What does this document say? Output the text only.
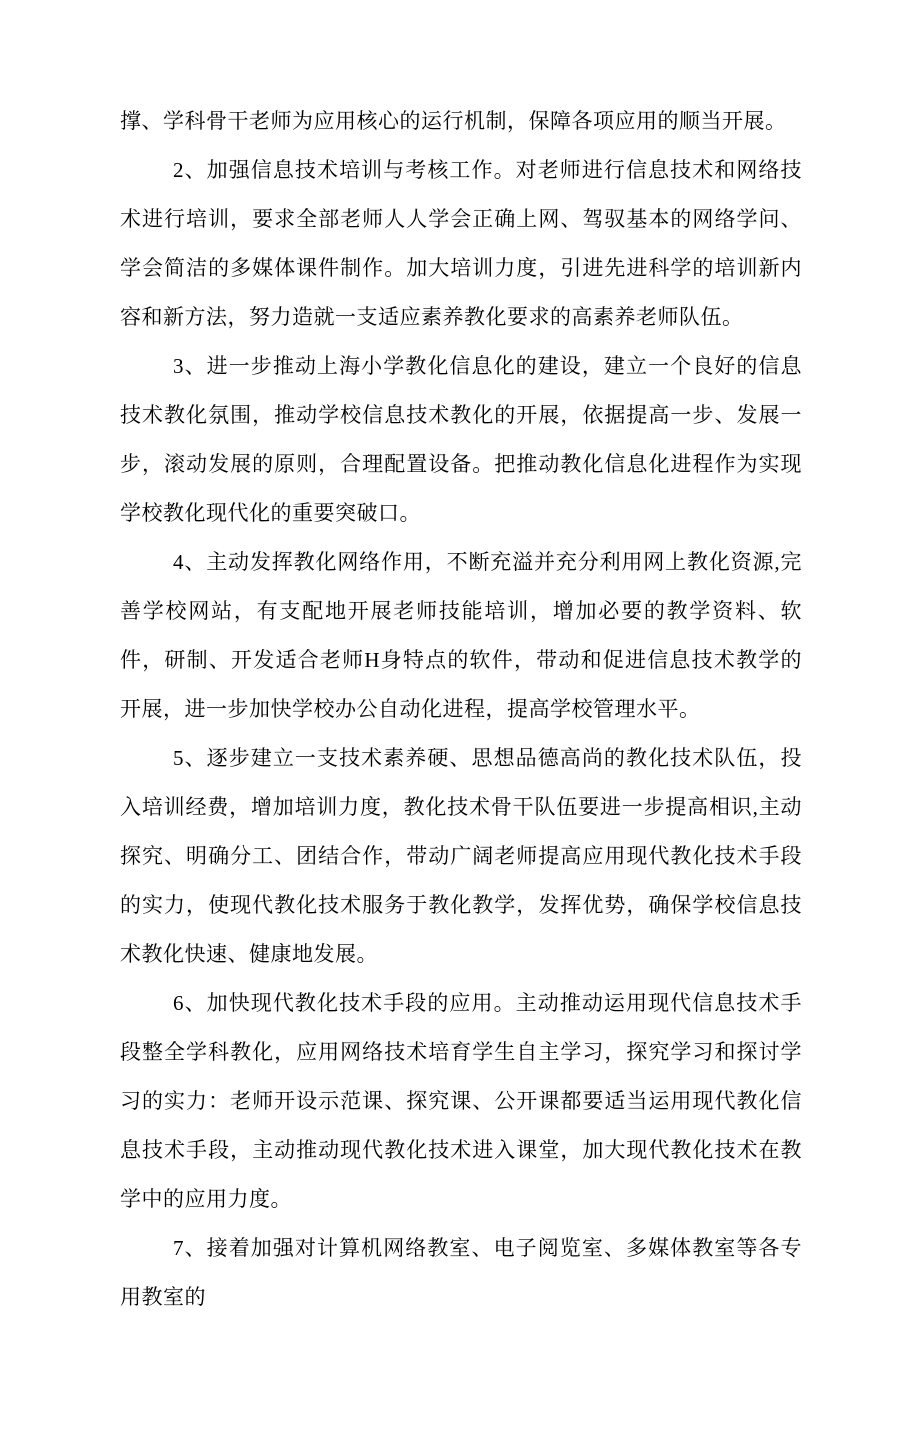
撑、学科骨干老师为应用核心的运行机制，保障各项应用的顺当开展。

2、加强信息技术培训与考核工作。对老师进行信息技术和网络技术进行培训，要求全部老师人人学会正确上网、驾驭基本的网络学问、学会简洁的多媒体课件制作。加大培训力度，引进先进科学的培训新内容和新方法，努力造就一支适应素养教化要求的高素养老师队伍。

3、进一步推动上海小学教化信息化的建设，建立一个良好的信息技术教化氛围，推动学校信息技术教化的开展，依据提高一步、发展一步，滚动发展的原则，合理配置设备。把推动教化信息化进程作为实现学校教化现代化的重要突破口。

4、主动发挥教化网络作用，不断充溢并充分利用网上教化资源,完善学校网站，有支配地开展老师技能培训，增加必要的教学资料、软件，研制、开发适合老师H身特点的软件，带动和促进信息技术教学的开展，进一步加快学校办公自动化进程，提高学校管理水平。

5、逐步建立一支技术素养硬、思想品德高尚的教化技术队伍，投入培训经费，增加培训力度，教化技术骨干队伍要进一步提高相识,主动探究、明确分工、团结合作，带动广阔老师提高应用现代教化技术手段的实力，使现代教化技术服务于教化教学，发挥优势，确保学校信息技术教化快速、健康地发展。

6、加快现代教化技术手段的应用。主动推动运用现代信息技术手段整全学科教化，应用网络技术培育学生自主学习，探究学习和探讨学习的实力：老师开设示范课、探究课、公开课都要适当运用现代教化信息技术手段，主动推动现代教化技术进入课堂，加大现代教化技术在教学中的应用力度。

7、接着加强对计算机网络教室、电子阅览室、多媒体教室等各专用教室的
